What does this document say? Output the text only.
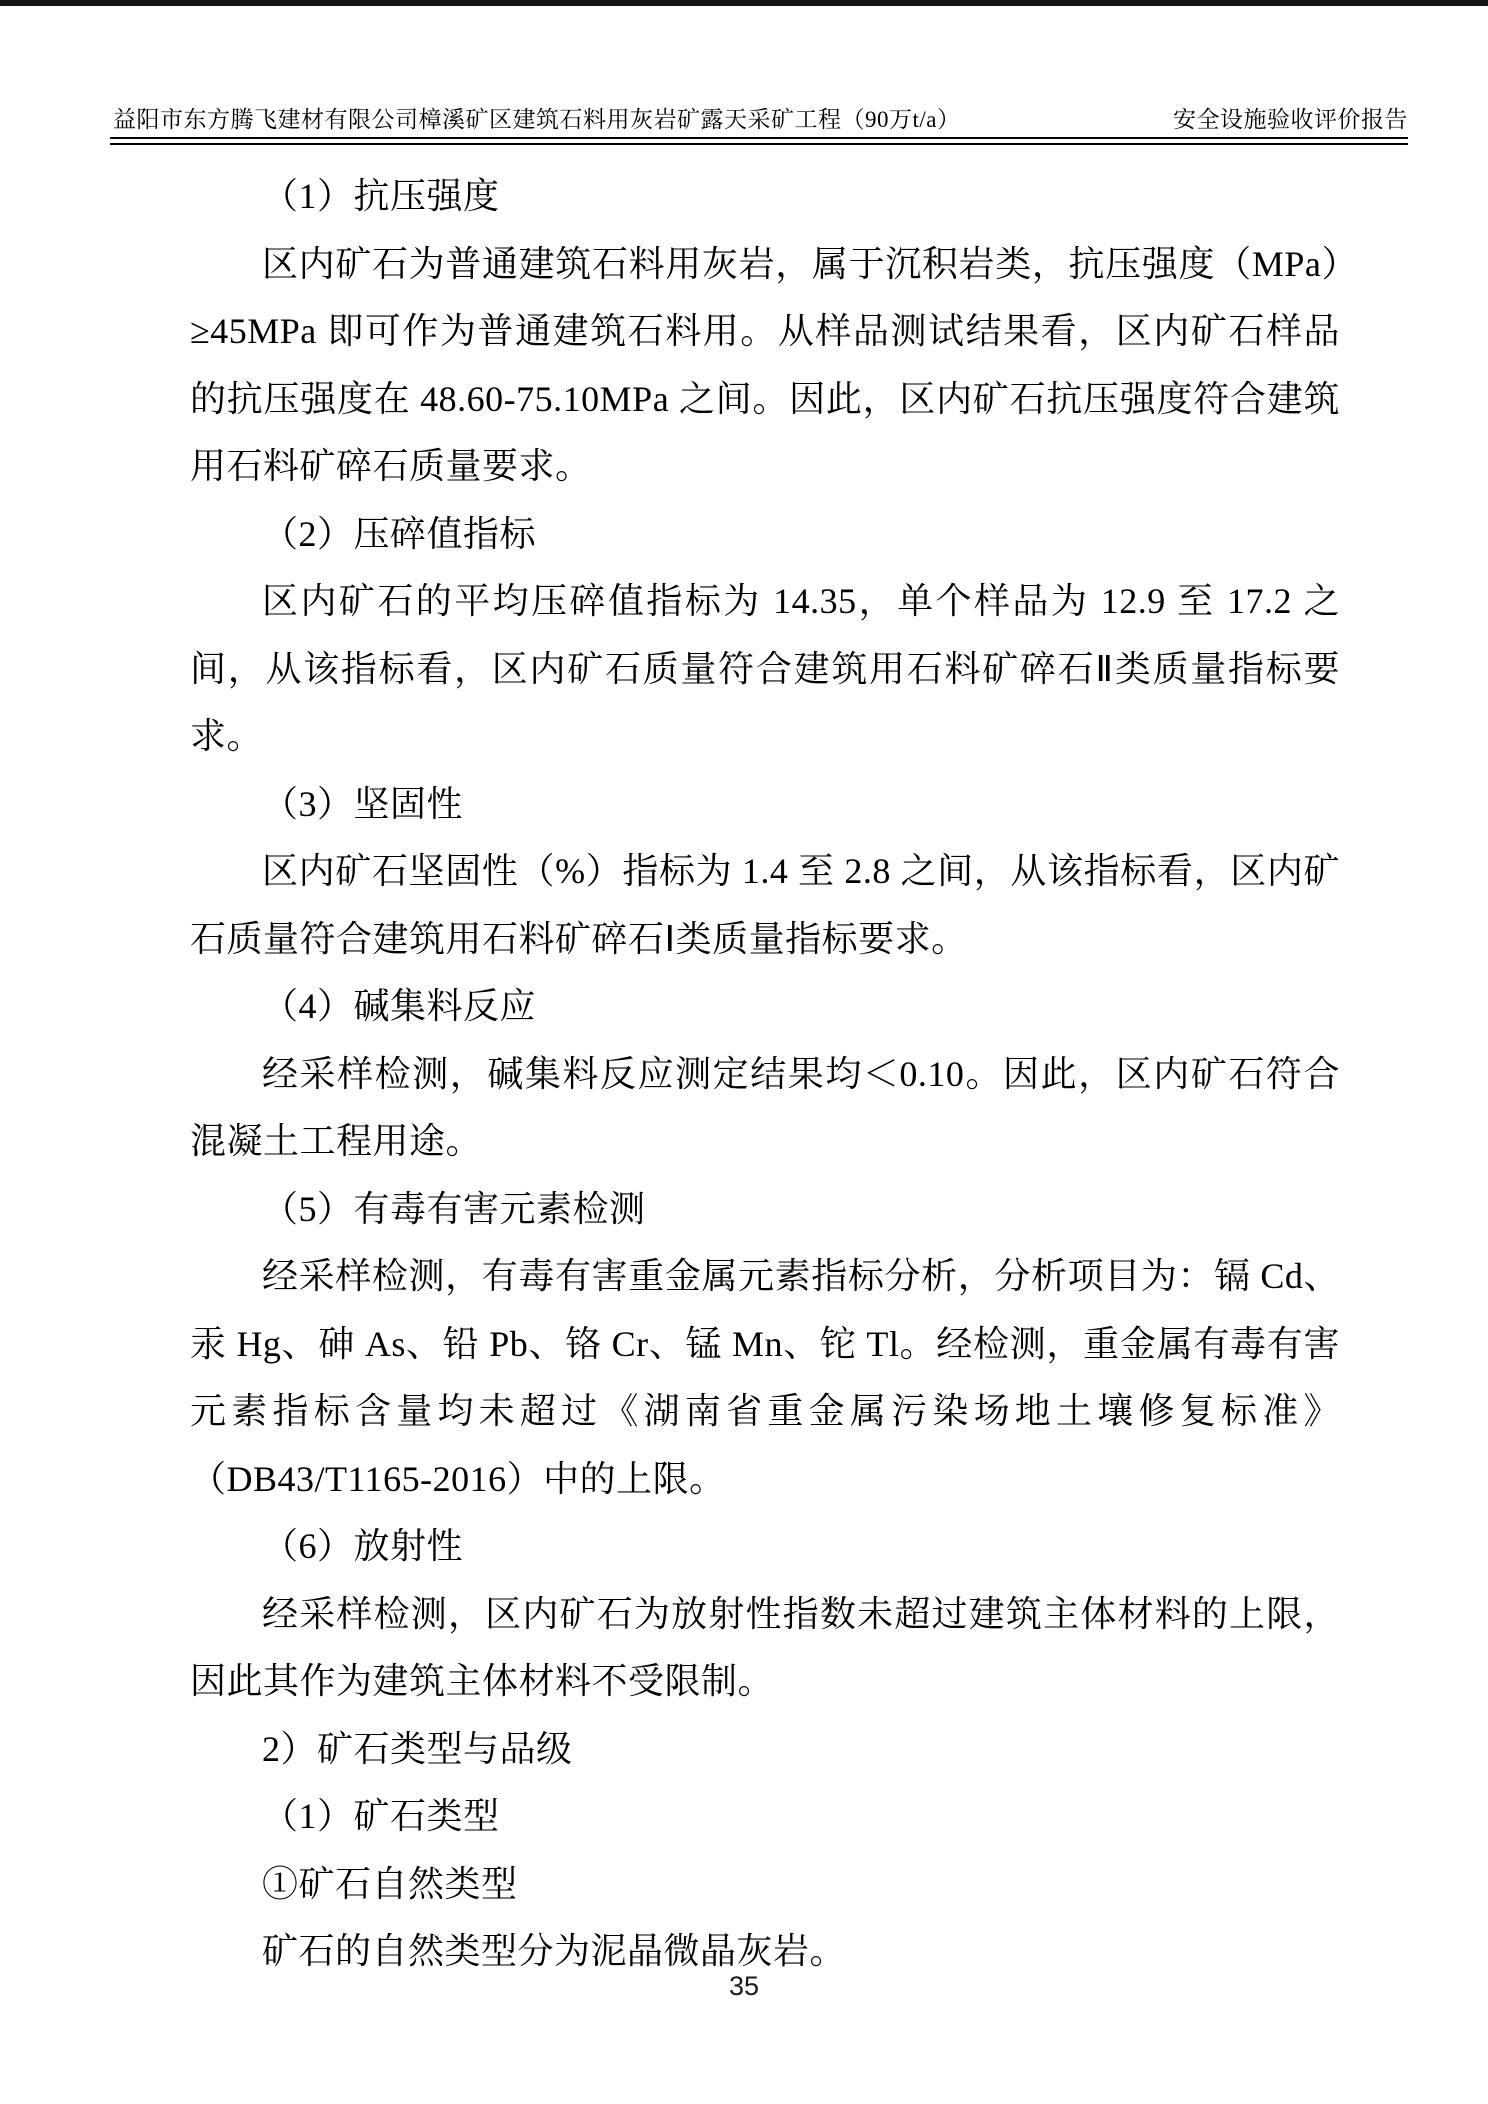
益阳市东方腾飞建材有限公司樟溪矿区建筑石料用灰岩矿露天采矿工程（90万t/a）	安全设施验收评价报告

（1）抗压强度

区内矿石为普通建筑石料用灰岩，属于沉积岩类，抗压强度（MPa）≥45MPa 即可作为普通建筑石料用。从样品测试结果看，区内矿石样品的抗压强度在 48.60-75.10MPa 之间。因此，区内矿石抗压强度符合建筑用石料矿碎石质量要求。

（2）压碎值指标

区内矿石的平均压碎值指标为 14.35，单个样品为 12.9 至 17.2 之间，从该指标看，区内矿石质量符合建筑用石料矿碎石Ⅱ类质量指标要求。

（3）坚固性

区内矿石坚固性（%）指标为 1.4 至 2.8 之间，从该指标看，区内矿石质量符合建筑用石料矿碎石Ⅰ类质量指标要求。

（4）碱集料反应

经采样检测，碱集料反应测定结果均＜0.10。因此，区内矿石符合混凝土工程用途。

（5）有毒有害元素检测

经采样检测，有毒有害重金属元素指标分析，分析项目为：镉 Cd、汞 Hg、砷 As、铅 Pb、铬 Cr、锰 Mn、铊 Tl。经检测，重金属有毒有害元素指标含量均未超过《湖南省重金属污染场地土壤修复标准》（DB43/T1165-2016）中的上限。

（6）放射性

经采样检测，区内矿石为放射性指数未超过建筑主体材料的上限，因此其作为建筑主体材料不受限制。

2）矿石类型与品级

（1）矿石类型

①矿石自然类型

矿石的自然类型分为泥晶微晶灰岩。

35
